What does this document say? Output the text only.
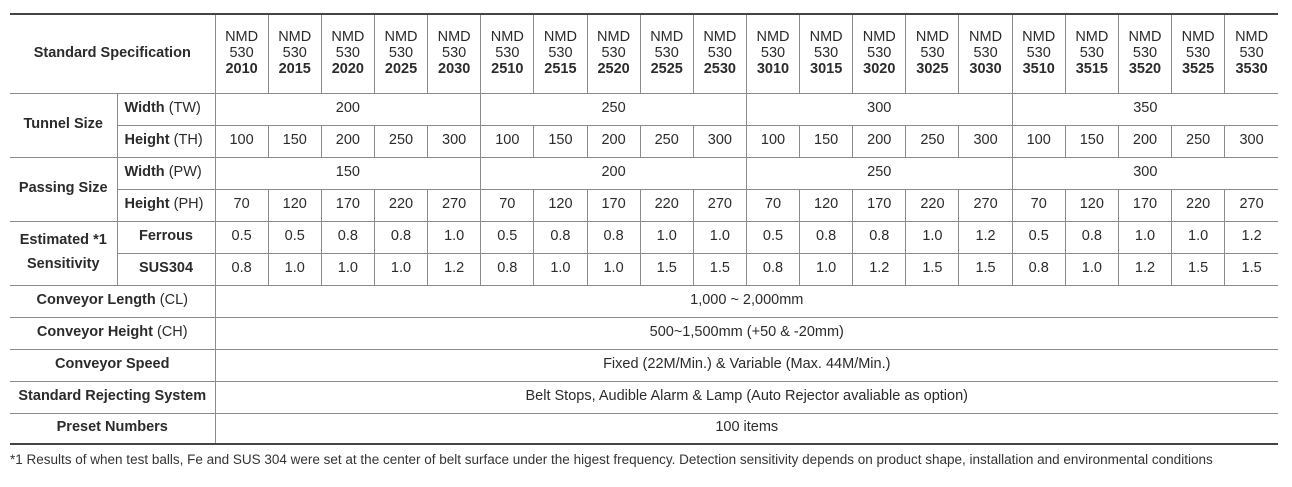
Standard Specification		NMD
530
2010	NMD
530
2015	NMD
530
2020	NMD
530
2025	NMD
530
2030	NMD
530
2510	NMD
530
2515	NMD
530
2520	NMD
530
2525	NMD
530
2530	NMD
530
3010	NMD
530
3015	NMD
530
3020	NMD
530
3025	NMD
530
3030	NMD
530
3510	NMD
530
3515	NMD
530
3520	NMD
530
3525	NMD
530
3530

Tunnel Size	Width (TW)	200					250					300					350				
	Height (TH)	100	150	200	250	300	100	150	200	250	300	100	150	200	250	300	100	150	200	250	300
Passing Size	Width (PW)	150					200					250					300				
	Height (PH)	70	120	170	220	270	70	120	170	220	270	70	120	170	220	270	70	120	170	220	270

Estimated *1
Sensitivity	Ferrous	0.5	0.5	0.8	0.8	1.0	0.5	0.8	0.8	1.0	1.0	0.5	0.8	0.8	1.0	1.2	0.5	0.8	1.0	1.0	1.2
	SUS304	0.8	1.0	1.0	1.0	1.2	0.8	1.0	1.0	1.5	1.5	0.8	1.0	1.2	1.5	1.5	0.8	1.0	1.2	1.5	1.5
Conveyor Length (CL)		1,000 ~ 2,000mm																			
Conveyor Height (CH)		500~1,500mm (+50 & -20mm)																			
Conveyor Speed		Fixed (22M/Min.) & Variable (Max. 44M/Min.)																			
Standard Rejecting System		Belt Stops, Audible Alarm & Lamp (Auto Rejector avaliable as option)																			
Preset Numbers		100 items																			
*1 Results of when test balls, Fe and SUS 304 were set at the center of belt surface under the higest frequency. Detection sensitivity depends on product shape, installation and environmental conditions
